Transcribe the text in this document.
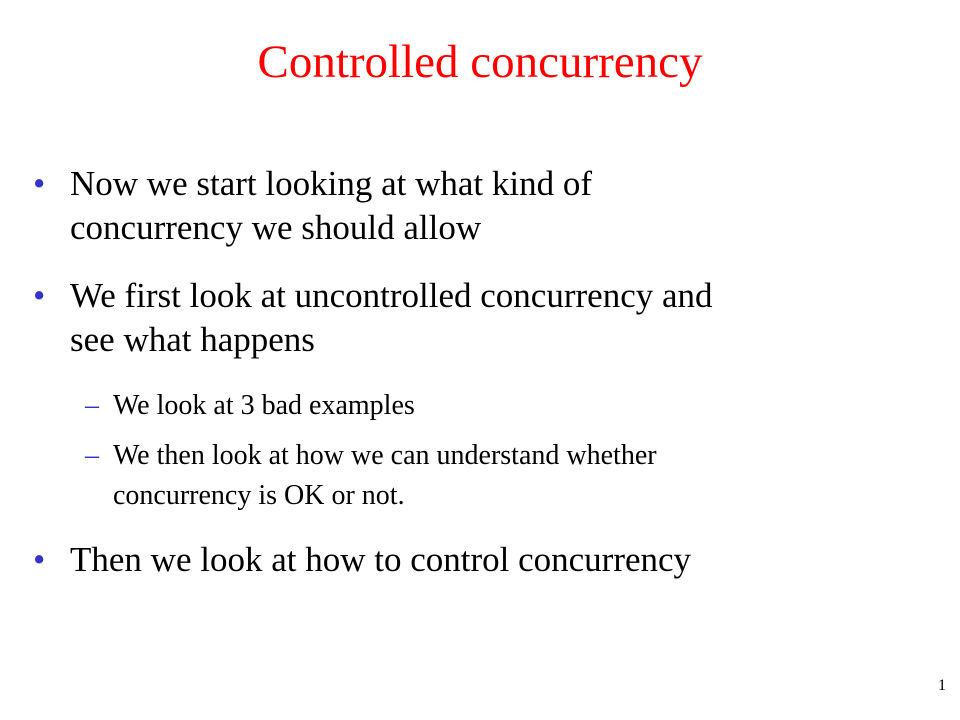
Controlled concurrency
• Now we start looking at what kind of
concurrency we should allow
• We first look at uncontrolled concurrency and
see what happens
– We look at 3 bad examples
– We then look at how we can understand whether
concurrency is OK or not.
• Then we look at how to control concurrency
1
